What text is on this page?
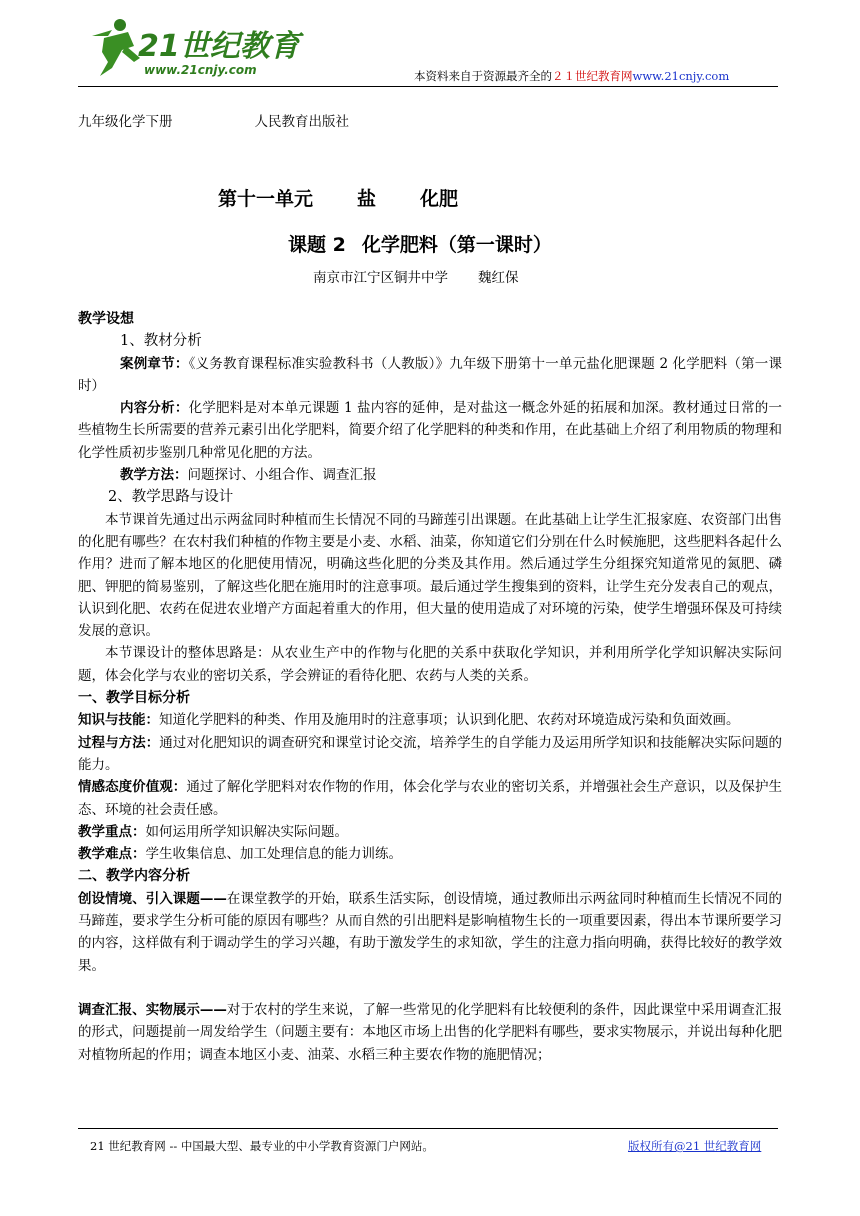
21世纪教育
www.21cnjy.com	本资料来自于资源最齐全的２１世纪教育网www.21cnjy.com
九年级化学下册	人民教育出版社
第十一单元 盐 化肥
课题 2 化学肥料（第一课时）
南京市江宁区铜井中学 魏红保

教学设想

1、教材分析

案例章节：《义务教育课程标准实验教科书（人教版）》九年级下册第十一单元盐化肥课题 2 化学肥料（第一课时）

内容分析：化学肥料是对本单元课题 1 盐内容的延伸，是对盐这一概念外延的拓展和加深。教材通过日常的一些植物生长所需要的营养元素引出化学肥料，简要介绍了化学肥料的种类和作用，在此基础上介绍了利用物质的物理和化学性质初步鉴别几种常见化肥的方法。

教学方法：问题探讨、小组合作、调查汇报

2、教学思路与设计

本节课首先通过出示两盆同时种植而生长情况不同的马蹄莲引出课题。在此基础上让学生汇报家庭、农资部门出售的化肥有哪些？在农村我们种植的作物主要是小麦、水稻、油菜，你知道它们分别在什么时候施肥，这些肥料各起什么作用？进而了解本地区的化肥使用情况，明确这些化肥的分类及其作用。然后通过学生分组探究知道常见的氮肥、磷肥、钾肥的简易鉴别，了解这些化肥在施用时的注意事项。最后通过学生搜集到的资料，让学生充分发表自己的观点，认识到化肥、农药在促进农业增产方面起着重大的作用，但大量的使用造成了对环境的污染，使学生增强环保及可持续发展的意识。

本节课设计的整体思路是：从农业生产中的作物与化肥的关系中获取化学知识，并利用所学化学知识解决实际问题，体会化学与农业的密切关系，学会辨证的看待化肥、农药与人类的关系。

一、教学目标分析

知识与技能：知道化学肥料的种类、作用及施用时的注意事项；认识到化肥、农药对环境造成污染和负面效画。

过程与方法：通过对化肥知识的调查研究和课堂讨论交流，培养学生的自学能力及运用所学知识和技能解决实际问题的能力。

情感态度价值观：通过了解化学肥料对农作物的作用，体会化学与农业的密切关系，并增强社会生产意识，以及保护生态、环境的社会责任感。

教学重点：如何运用所学知识解决实际问题。

教学难点：学生收集信息、加工处理信息的能力训练。

二、教学内容分析

创设情境、引入课题——在课堂教学的开始，联系生活实际，创设情境，通过教师出示两盆同时种植而生长情况不同的马蹄莲，要求学生分析可能的原因有哪些？从而自然的引出肥料是影响植物生长的一项重要因素，得出本节课所要学习的内容，这样做有利于调动学生的学习兴趣，有助于激发学生的求知欲，学生的注意力指向明确，获得比较好的教学效果。

调查汇报、实物展示——对于农村的学生来说，了解一些常见的化学肥料有比较便利的条件，因此课堂中采用调查汇报的形式，问题提前一周发给学生（问题主要有：本地区市场上出售的化学肥料有哪些，要求实物展示，并说出每种化肥对植物所起的作用；调查本地区小麦、油菜、水稻三种主要农作物的施肥情况；

21 世纪教育网 -- 中国最大型、最专业的中小学教育资源门户网站。	版权所有@21 世纪教育网
